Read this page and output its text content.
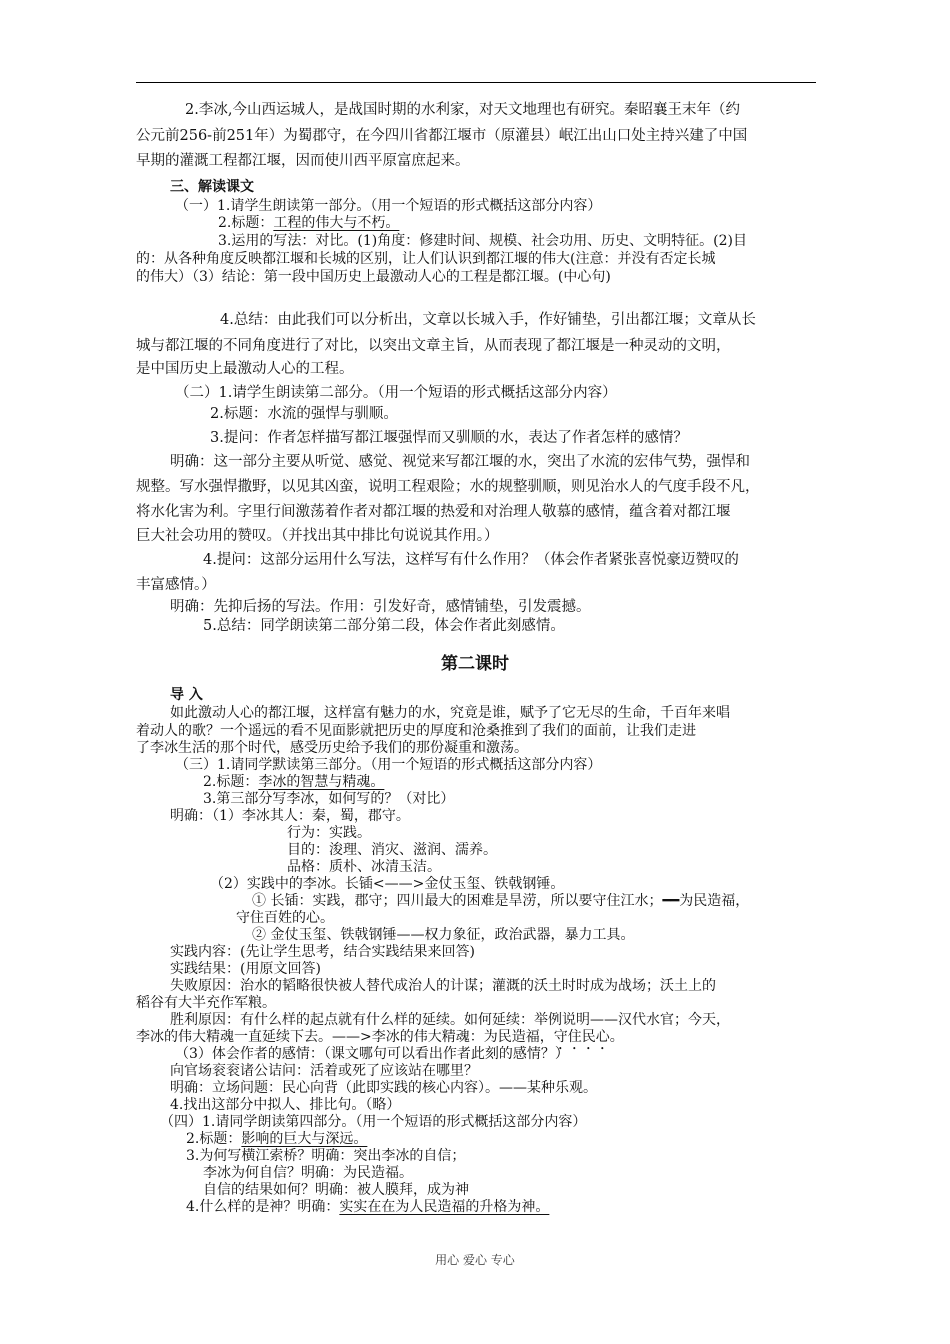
2.李冰,今山西运城人，是战国时期的水利家，对天文地理也有研究。秦昭襄王末年（约
公元前256-前251年）为蜀郡守，在今四川省都江堰市（原灌县）岷江出山口处主持兴建了中国
早期的灌溉工程都江堰，因而使川西平原富庶起来。
三、解读课文
（一）1.请学生朗读第一部分。（用一个短语的形式概括这部分内容）
2.标题：工程的伟大与不朽。
3.运用的写法：对比。(1)角度：修建时间、规模、社会功用、历史、文明特征。(2)目
的：从各种角度反映都江堰和长城的区别，让人们认识到都江堰的伟大(注意：并没有否定长城
的伟大）（3）结论：第一段中国历史上最激动人心的工程是都江堰。(中心句)
4.总结：由此我们可以分析出，文章以长城入手，作好铺垫，引出都江堰；文章从长
城与都江堰的不同角度进行了对比，以突出文章主旨，从而表现了都江堰是一种灵动的文明，
是中国历史上最激动人心的工程。
（二）1.请学生朗读第二部分。（用一个短语的形式概括这部分内容）
2.标题：水流的强悍与驯顺。
3.提问：作者怎样描写都江堰强悍而又驯顺的水，表达了作者怎样的感情？
明确：这一部分主要从听觉、感觉、视觉来写都江堰的水，突出了水流的宏伟气势，强悍和
规整。写水强悍撒野，以见其凶蛮，说明工程艰险；水的规整驯顺，则见治水人的气度手段不凡，
将水化害为利。字里行间激荡着作者对都江堰的热爱和对治理人敬慕的感情，蕴含着对都江堰
巨大社会功用的赞叹。（并找出其中排比句说说其作用。）
4.提问：这部分运用什么写法，这样写有什么作用？（体会作者紧张喜悦豪迈赞叹的
丰富感情。）
明确：先抑后扬的写法。作用：引发好奇，感情铺垫，引发震撼。
5.总结：同学朗读第二部分第二段，体会作者此刻感情。
第二课时
导 入
如此激动人心的都江堰，这样富有魅力的水，究竟是谁，赋予了它无尽的生命，千百年来唱
着动人的歌？一个遥远的看不见面影就把历史的厚度和沧桑推到了我们的面前，让我们走进
了李冰生活的那个时代，感受历史给予我们的那份凝重和激荡。
（三）1.请同学默读第三部分。（用一个短语的形式概括这部分内容）
2.标题：李冰的智慧与精魂。
3.第三部分写李冰，如何写的？（对比）
明确：（1）李冰其人：秦，蜀，郡守。
行为：实践。
目的：浚理、消灾、滋润、濡养。
品格：质朴、冰清玉洁。
（2）实践中的李冰。长锸<——>金仗玉玺、铁戟钢锤。
① 长锸：实践，郡守；四川最大的困难是旱涝，所以要守住江水；━━为民造福，
守住百姓的心。
② 金仗玉玺、铁戟钢锤——权力象征，政治武器，暴力工具。
实践内容：(先让学生思考，结合实践结果来回答)
实践结果：(用原文回答)
失败原因：治水的韬略很快被人替代成治人的计谋；灌溉的沃土时时成为战场；沃土上的
稻谷有大半充作军粮。
胜利原因：有什么样的起点就有什么样的延续。如何延续：举例说明——汉代水官；今天，
李冰的伟大精魂一直延续下去。——>李冰的伟大精魂：为民造福，守住民心。
（3）体会作者的感情：（课文哪句可以看出作者此刻的感情？）
向官场衮衮诸公诘问：活着或死了应该站在哪里？
明确：立场问题：民心向背（此即实践的核心内容）。——某种乐观。
4.找出这部分中拟人、排比句。（略）
（四）1.请同学朗读第四部分。（用一个短语的形式概括这部分内容）
2.标题：影响的巨大与深远。
3.为何写横江索桥？明确：突出李冰的自信；
李冰为何自信？明确：为民造福。
自信的结果如何？明确：被人膜拜，成为神
4.什么样的是神？明确：实实在在为人民造福的升格为神。
用心 爱心 专心
